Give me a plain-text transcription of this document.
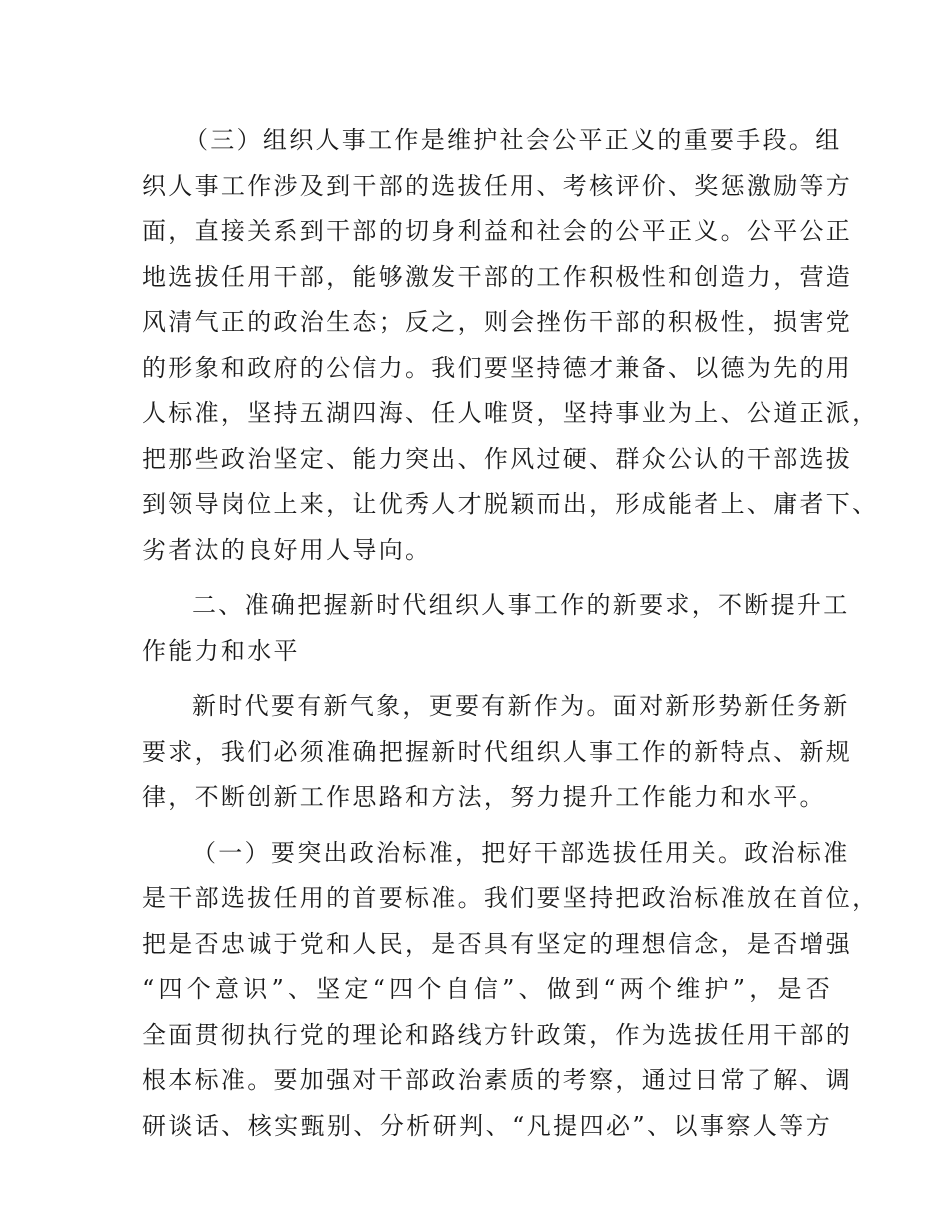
（三）组织人事工作是维护社会公平正义的重要手段。组
织人事工作涉及到干部的选拔任用、考核评价、奖惩激励等方
面，直接关系到干部的切身利益和社会的公平正义。公平公正
地选拔任用干部，能够激发干部的工作积极性和创造力，营造
风清气正的政治生态；反之，则会挫伤干部的积极性，损害党
的形象和政府的公信力。我们要坚持德才兼备、以德为先的用
人标准，坚持五湖四海、任人唯贤，坚持事业为上、公道正派，
把那些政治坚定、能力突出、作风过硬、群众公认的干部选拔
到领导岗位上来，让优秀人才脱颖而出，形成能者上、庸者下、
劣者汰的良好用人导向。
二、准确把握新时代组织人事工作的新要求，不断提升工
作能力和水平
新时代要有新气象，更要有新作为。面对新形势新任务新
要求，我们必须准确把握新时代组织人事工作的新特点、新规
律，不断创新工作思路和方法，努力提升工作能力和水平。
（一）要突出政治标准，把好干部选拔任用关。政治标准
是干部选拔任用的首要标准。我们要坚持把政治标准放在首位，
把是否忠诚于党和人民，是否具有坚定的理想信念，是否增强
“四个意识”、坚定“四个自信”、做到“两个维护”，是否
全面贯彻执行党的理论和路线方针政策，作为选拔任用干部的
根本标准。要加强对干部政治素质的考察，通过日常了解、调
研谈话、核实甄别、分析研判、“凡提四必”、以事察人等方
